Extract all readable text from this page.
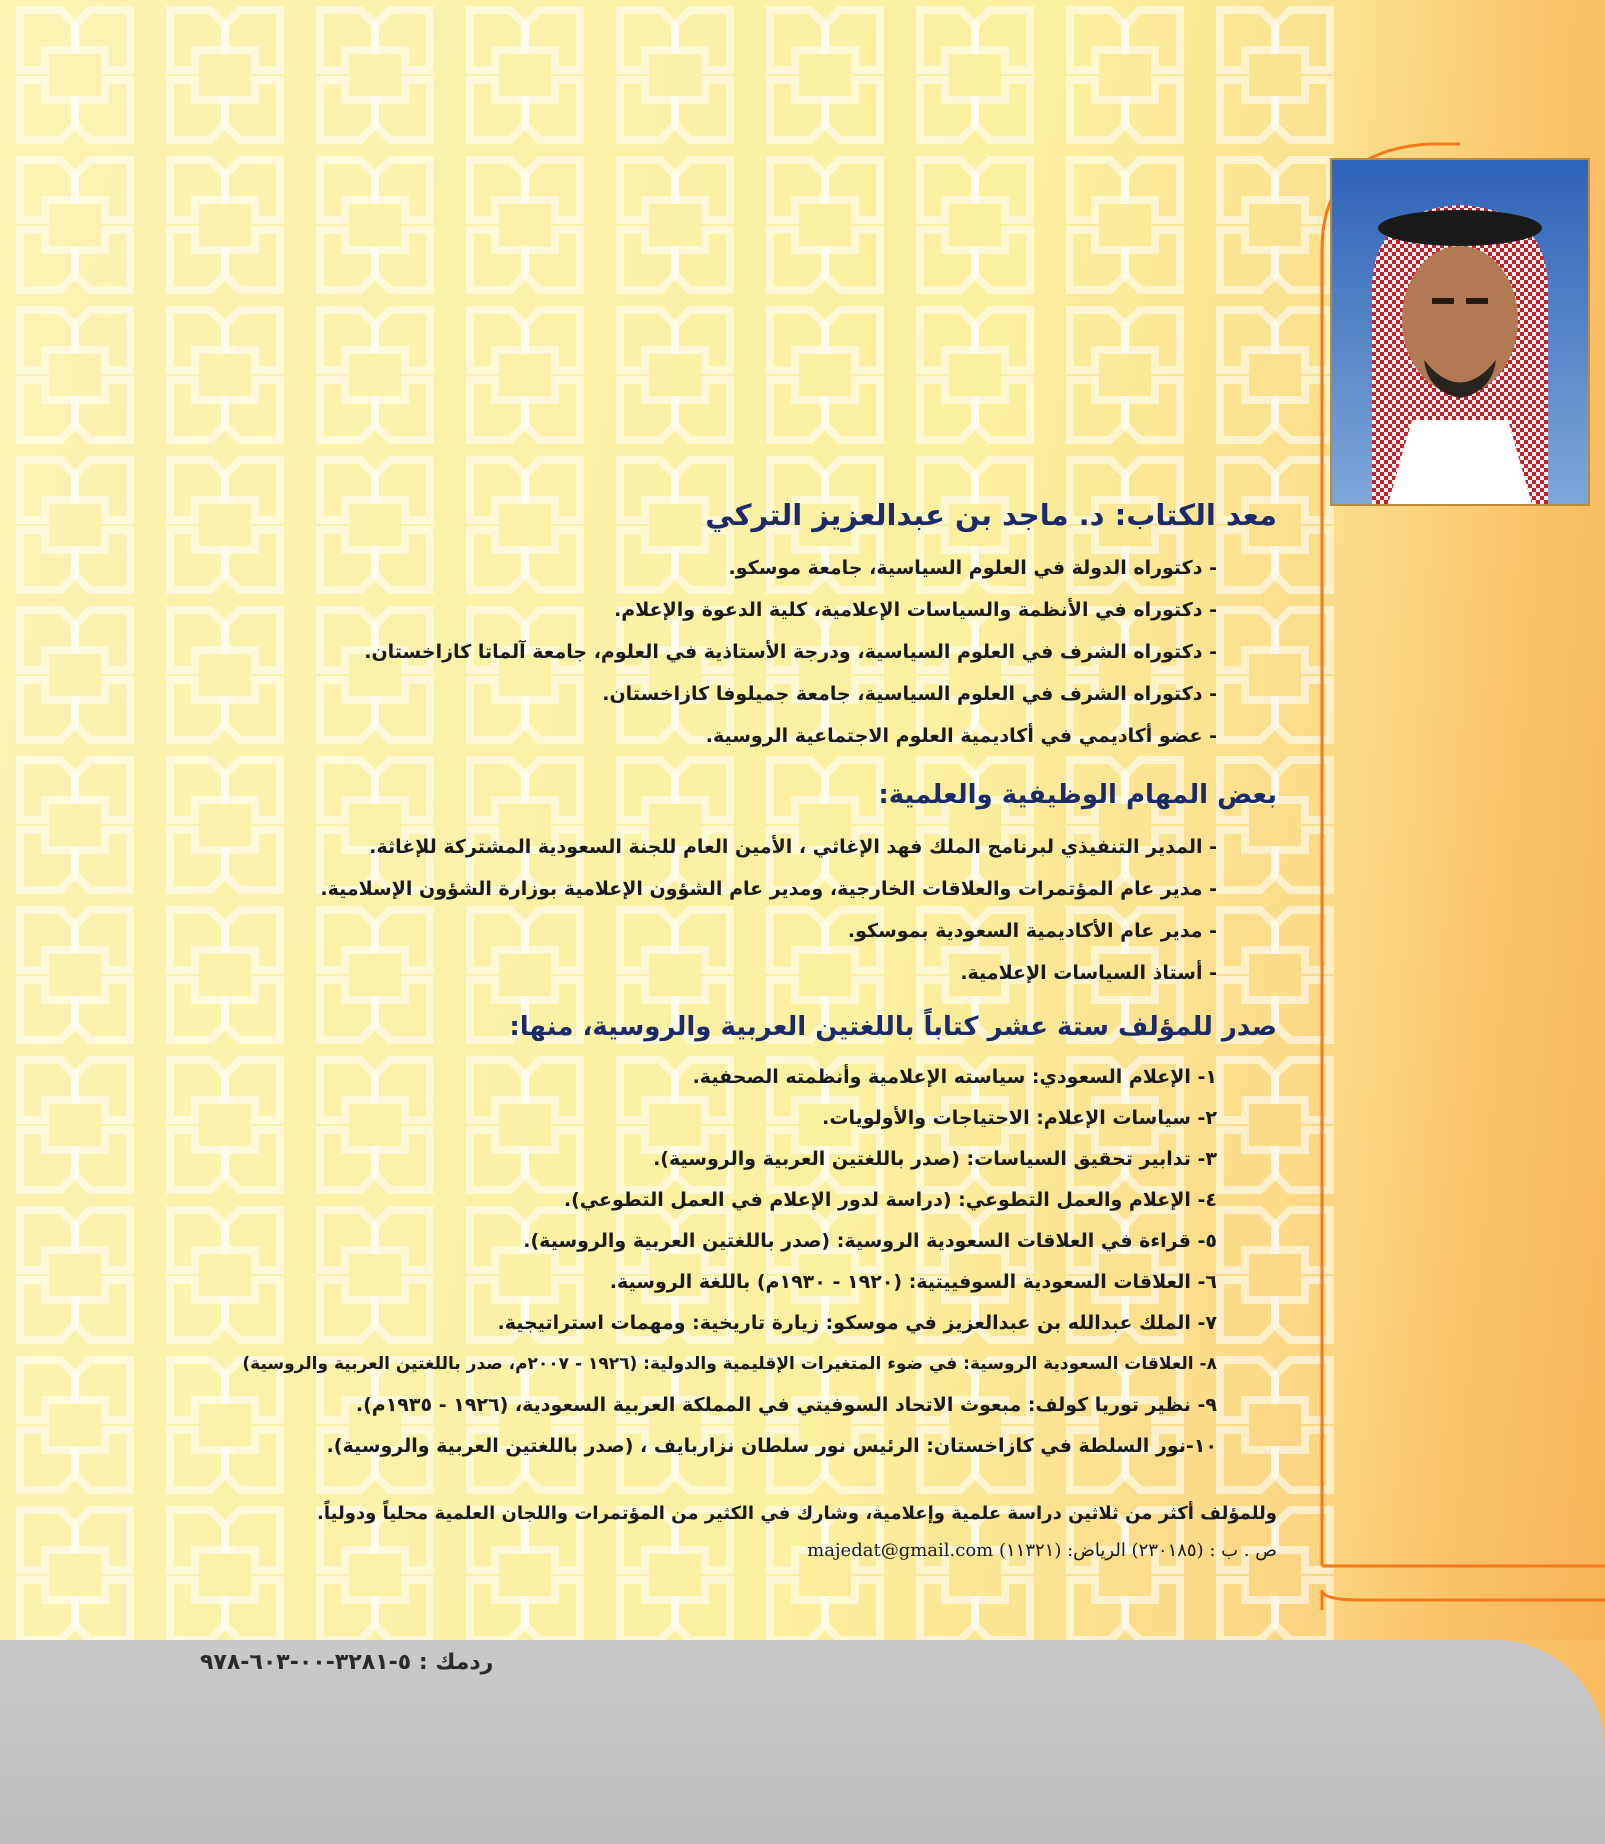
معد الكتاب: د. ماجد بن عبدالعزيز التركي
- دكتوراه الدولة في العلوم السياسية، جامعة موسكو.
- دكتوراه في الأنظمة والسياسات الإعلامية، كلية الدعوة والإعلام.
- دكتوراه الشرف في العلوم السياسية، ودرجة الأستاذية في العلوم، جامعة آلماتا كازاخستان.
- دكتوراه الشرف في العلوم السياسية، جامعة جميلوفا كازاخستان.
- عضو أكاديمي في أكاديمية العلوم الاجتماعية الروسية.
بعض المهام الوظيفية والعلمية:
- المدير التنفيذي لبرنامج الملك فهد الإغاثي ، الأمين العام للجنة السعودية المشتركة للإغاثة.
- مدير عام المؤتمرات والعلاقات الخارجية، ومدير عام الشؤون الإعلامية بوزارة الشؤون الإسلامية.
- مدير عام الأكاديمية السعودية بموسكو.
- أستاذ السياسات الإعلامية.
صدر للمؤلف ستة عشر كتاباً باللغتين العربية والروسية، منها:
١- الإعلام السعودي: سياسته الإعلامية وأنظمته الصحفية.
٢- سياسات الإعلام: الاحتياجات والأولويات.
٣- تدابير تحقيق السياسات: (صدر باللغتين العربية والروسية).
٤- الإعلام والعمل التطوعي: (دراسة لدور الإعلام في العمل التطوعي).
٥- قراءة في العلاقات السعودية الروسية: (صدر باللغتين العربية والروسية).
٦- العلاقات السعودية السوفييتية: (١٩٢٠ - ١٩٣٠م) باللغة الروسية.
٧- الملك عبدالله بن عبدالعزيز في موسكو: زيارة تاريخية: ومهمات استراتيجية.
٨- العلاقات السعودية الروسية: في ضوء المتغيرات الإقليمية والدولية: (١٩٢٦ - ٢٠٠٧م، صدر باللغتين العربية والروسية)
٩- نظير توريا كولف: مبعوث الاتحاد السوفيتي في المملكة العربية السعودية، (١٩٢٦ - ١٩٣٥م).
١٠-نور السلطة في كازاخستان: الرئيس نور سلطان نزاربايف ، (صدر باللغتين العربية والروسية).
وللمؤلف أكثر من ثلاثين دراسة علمية وإعلامية، وشارك في الكثير من المؤتمرات واللجان العلمية محلياً ودولياً.
ص . ب : (٢٣٠١٨٥) الرياض: (١١٣٢١) majedat@gmail.com
ردمك : ٥-٣٢٨١-٠٠-٦٠٣-٩٧٨
